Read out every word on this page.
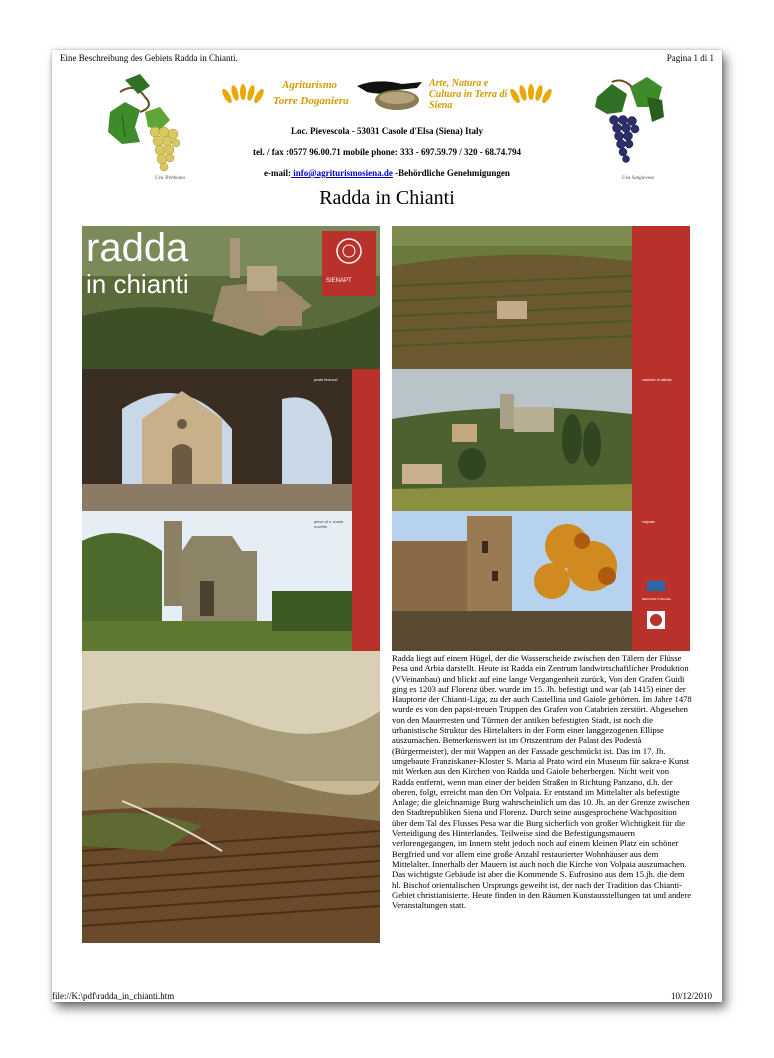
Eine Beschreibung des Gebiets Radda in Chianti.	Pagina 1 di 1
Uva Trebbiano	Uva Sangiovese
Agriturismo
Torre Doganiera
Arte, Natura e Cultura in Terra di Siena
Loc. Pievescola - 53031 Casole d'Elsa (Siena) Italy
tel. / fax :0577 96.00.71 mobile phone: 333 - 697.59.79 / 320 - 68.74.794
e-mail: info@agriturismosiena.de -Behördliche Genehmigungen
Radda in Chianti
radda
in chianti	SIENAPT
prato ferruzzi
pieve di s. maria novella
castello di albola
volpaia
REGIONE TOSCANA
Radda liegt auf einem Hügel, der die Wasserscheide zwischen den Tälern der Flüsse Pesa und Arbia darstellt. Heute ist Radda ein Zentrum landwirtschaftlicher Produktion (VVeinanbau) und blickt auf eine lange Vergangenheit zurück, Von den Grafen Guidi ging es 1203 auf Florenz über. wurde im 15. Jh. befestigt und war (ab 1415) einer der Hauptorte der Chianti-Liga, zu der auch Castellina und Gaiole gehörten. Im Jahre 1478 wurde es von den papst-treuen Truppen des Grafen von Catabrien zerstört. Abgesehen von den Mauerresten und Türmen der antiken befestigten Stadt, ist noch die urbanistische Struktur des Hirtelalters in der Form einer langgezogenen Ellipse auszumachen. Bemerkenswert ist im Ortszentrum der Palast des Podestà (Bürgermeister), der mit Wappen an der Fassade geschmückt ist. Das im 17. Jh. umgebaute Franziskaner-Kloster S. Maria al Prato wird ein Museum für sakra-e Kunst mit Werken aus den Kirchen von Radda und Gaiole beherbergen. Nicht weit von Radda entfernt, wenn man einer der beiden Straßen in Richtung Panzano, d.h. der oberen, folgt, erreicht man den Ort Volpaia. Er entstand im Mittelalter als befestigte Anlage; die gleichnamige Burg wahrscheinlich um das 10. Jh. an der Grenze zwischen den Stadtrepubliken Siena und Florenz. Durch seine ausgesprochene Wachposition über dem Tal des Flusses Pesa war die Burg sicherlich von großer Wichtigkeit für die Verteidigung des Hinterlandes. Teilweise sind die Befestigungsmauern verlorengegangen, im Innern steht jedoch noch auf einem kleinen Platz ein schöner Bergfried und vor allem eine große Anzahl restaurierter Wohnhäuser aus dem Mittelalter. Innerhalb der Mauern ist auch noch die Kirche von Volpaia auszumachen. Das wichtigste Gebäude ist aber die Kommende S. Eufrosino aus dem 15.jh. die dem hl. Bischof orientalischen Ursprungs geweiht ist, der nach der Tradition das Chianti-Gebiet christianisierte. Heute finden in den Räumen Kunstausstellungen tat und andere Veranstaltungen statt.
file://K:\pdf\radda_in_chianti.htm	10/12/2010
